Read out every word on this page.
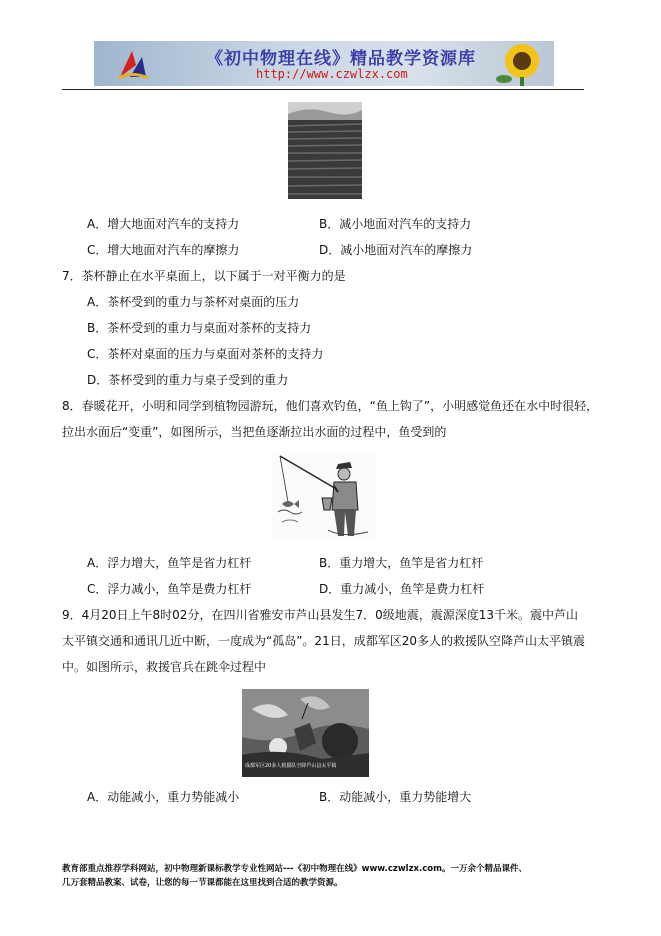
《初中物理在线》精品教学资源库
http://www.czwlzx.com
A．增大地面对汽车的支持力	B．减小地面对汽车的支持力
C．增大地面对汽车的摩擦力	D．减小地面对汽车的摩擦力
7．茶杯静止在水平桌面上，以下属于一对平衡力的是
A．茶杯受到的重力与茶杯对桌面的压力
B．茶杯受到的重力与桌面对茶杯的支持力
C．茶杯对桌面的压力与桌面对茶杯的支持力
D．茶杯受到的重力与桌子受到的重力
8．春暖花开，小明和同学到植物园游玩，他们喜欢钓鱼，“鱼上钩了”，小明感觉鱼还在水中时很轻，
拉出水面后“变重”，如图所示，当把鱼逐渐拉出水面的过程中，鱼受到的
A．浮力增大，鱼竿是省力杠杆	B．重力增大，鱼竿是省力杠杆
C．浮力减小，鱼竿是费力杠杆	D．重力减小，鱼竿是费力杠杆
9．4月20日上午8时02分，在四川省雅安市芦山县发生7．0级地震，震源深度13千米。震中芦山
太平镇交通和通讯几近中断，一度成为“孤岛”。21日，成都军区20多人的救援队空降芦山太平镇震
中。如图所示，救援官兵在跳伞过程中
成都军区20多人救援队空降芦山县太平镇
A．动能减小，重力势能减小	B．动能减小，重力势能增大
教育部重点推荐学科网站，初中物理新课标教学专业性网站---《初中物理在线》www.czwlzx.com。一万余个精品课件、
几万套精品教案、试卷，让您的每一节课都能在这里找到合适的教学资源。
